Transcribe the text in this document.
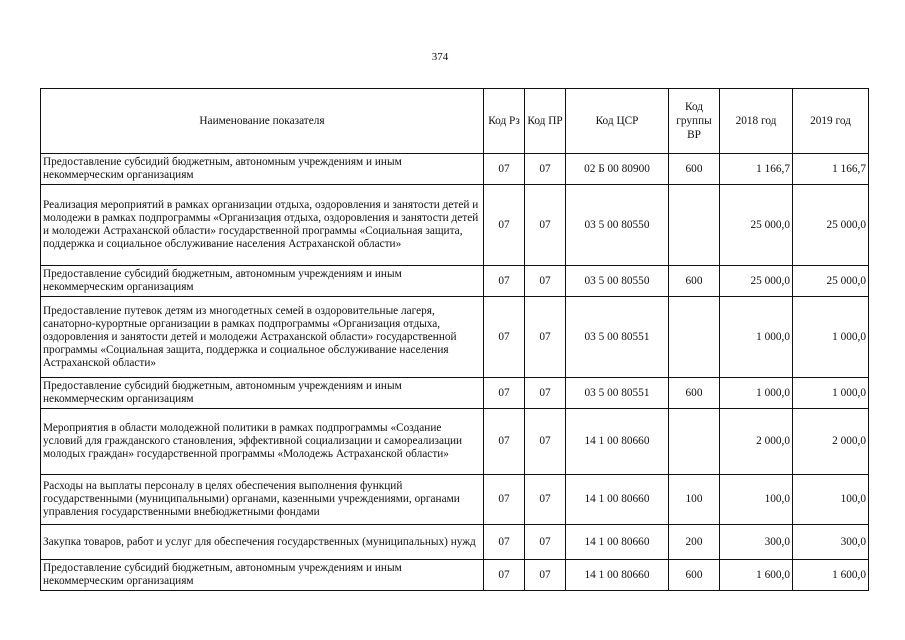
374
Наименование показателя	Код Рз	Код ПР	Код ЦСР	Код группы ВР	2018 год	2019 год
Предоставление субсидий бюджетным, автономным учреждениям и иным некоммерческим организациям	07	07	02 Б 00 80900	600	1 166,7	1 166,7
Реализация мероприятий в рамках организации отдыха, оздоровления и занятости детей и молодежи в рамках подпрограммы «Организация отдыха, оздоровления и занятости детей и молодежи Астраханской области» государственной программы «Социальная защита, поддержка и социальное обслуживание населения Астраханской области»	07	07	03 5 00 80550		25 000,0	25 000,0
Предоставление субсидий бюджетным, автономным учреждениям и иным некоммерческим организациям	07	07	03 5 00 80550	600	25 000,0	25 000,0
Предоставление путевок детям из многодетных семей в оздоровительные лагеря, санаторно-курортные организации в рамках подпрограммы «Организация отдыха, оздоровления и занятости детей и молодежи Астраханской области» государственной программы «Социальная защита, поддержка и социальное обслуживание населения Астраханской области»	07	07	03 5 00 80551		1 000,0	1 000,0
Предоставление субсидий бюджетным, автономным учреждениям и иным некоммерческим организациям	07	07	03 5 00 80551	600	1 000,0	1 000,0
Мероприятия в области молодежной политики в рамках подпрограммы «Создание условий для гражданского становления, эффективной социализации и самореализации молодых граждан» государственной программы «Молодежь Астраханской области»	07	07	14 1 00 80660		2 000,0	2 000,0
Расходы на выплаты персоналу в целях обеспечения выполнения функций государственными (муниципальными) органами, казенными учреждениями, органами управления государственными внебюджетными фондами	07	07	14 1 00 80660	100	100,0	100,0
Закупка товаров, работ и услуг для обеспечения государственных (муниципальных) нужд	07	07	14 1 00 80660	200	300,0	300,0
Предоставление субсидий бюджетным, автономным учреждениям и иным некоммерческим организациям	07	07	14 1 00 80660	600	1 600,0	1 600,0
